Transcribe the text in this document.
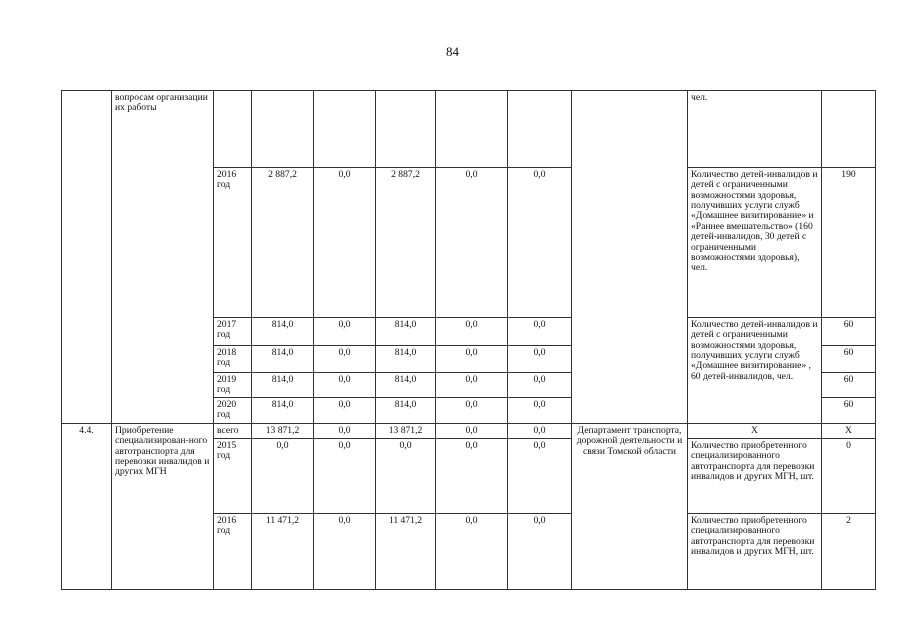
84
	вопросам организации их работы								чел.	
		2016 год	2 887,2	0,0	2 887,2	0,0	0,0		Количество детей-инвалидов и детей с ограниченными возможностями здоровья, получивших услуги служб «Домашнее визитирование» и «Раннее вмешательство» (160 детей-инвалидов, 30 детей с ограниченными возможностями здоровья), чел.	190
		2017 год	814,0	0,0	814,0	0,0	0,0		Количество детей-инвалидов и детей с ограниченными возможностями здоровья, получивших услуги служб «Домашнее визитирование» , 60 детей-инвалидов, чел.	60
		2018 год	814,0	0,0	814,0	0,0	0,0			60
		2019 год	814,0	0,0	814,0	0,0	0,0			60
		2020 год	814,0	0,0	814,0	0,0	0,0			60
4.4.	Приобретение специализирован-ного автотранспорта для перевозки инвалидов и других МГН	всего	13 871,2	0,0	13 871,2	0,0	0,0	Департамент транспорта, дорожной деятельности и связи Томской области	Х	Х
		2015 год	0,0	0,0	0,0	0,0	0,0		Количество приобретенного специализированного автотранспорта для перевозки инвалидов и других МГН, шт.	0
		2016 год	11 471,2	0,0	11 471,2	0,0	0,0		Количество приобретенного специализированного автотранспорта для перевозки инвалидов и других МГН, шт.	2
